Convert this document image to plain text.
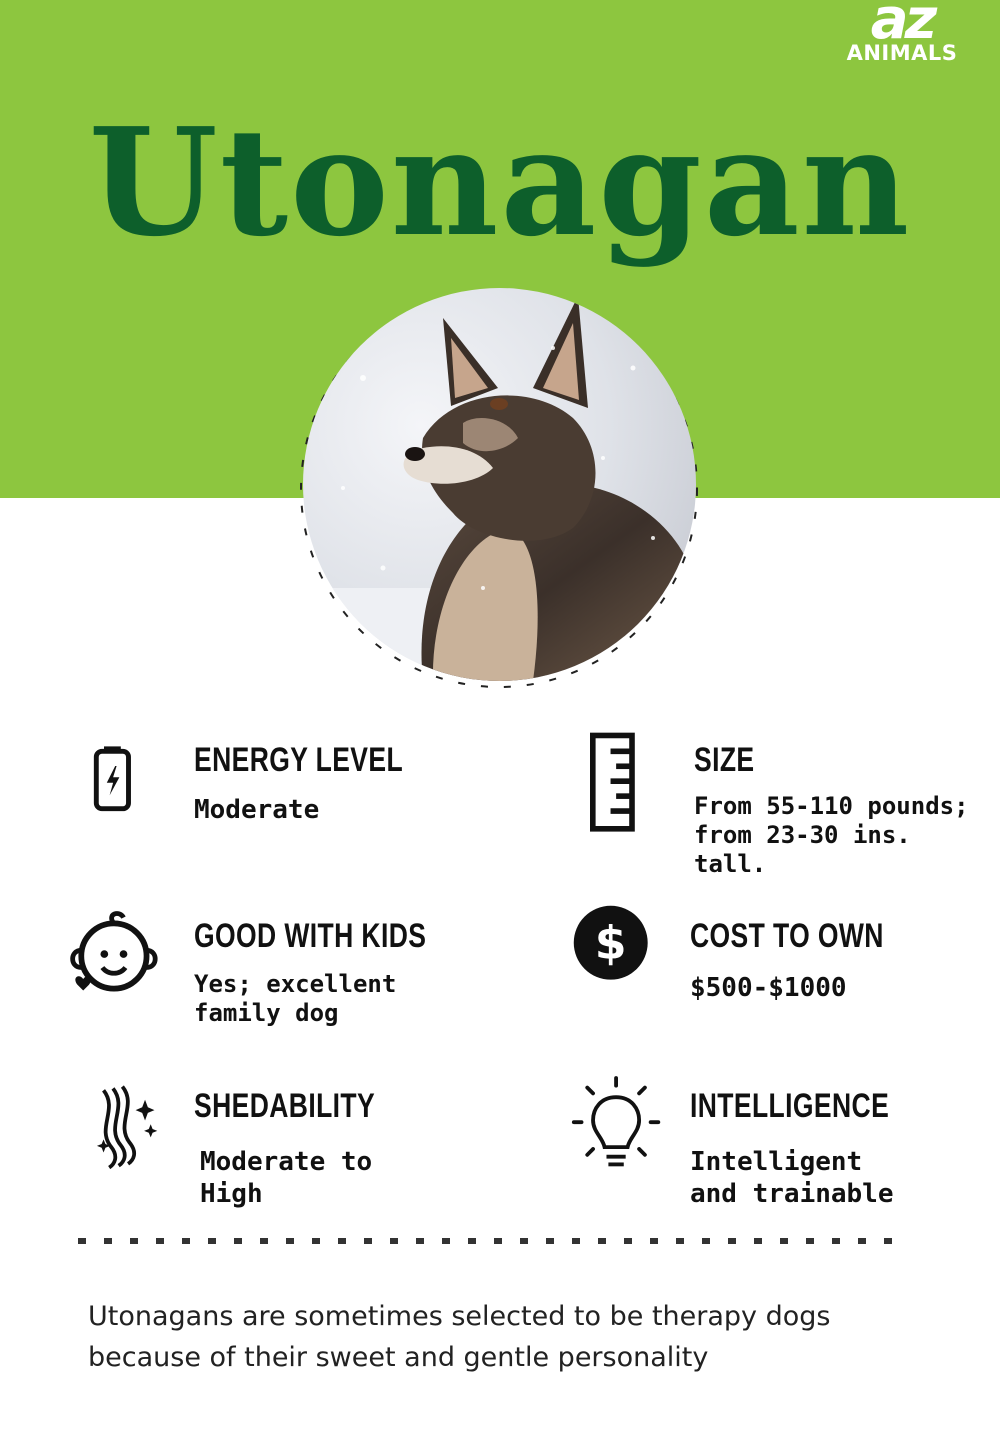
az
ANIMALS
Utonagan
ENERGY LEVEL
Moderate
SIZE
From 55-110 pounds;
from 23-30 ins. tall.
GOOD WITH KIDS
Yes; excellent family dog
$ COST TO OWN
$500-$1000
SHEDABILITY
Moderate to
High
INTELLIGENCE
Intelligent
and trainable
Utonagans are sometimes selected to be therapy dogs
because of their sweet and gentle personality
